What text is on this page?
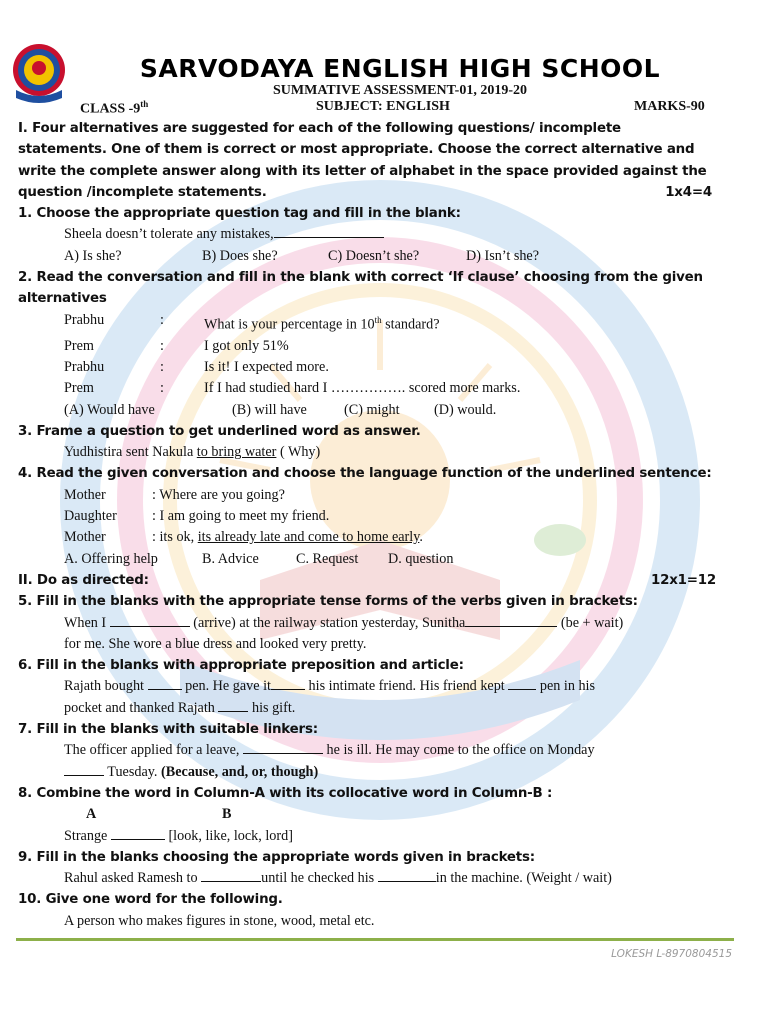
SARVODAYA ENGLISH HIGH SCHOOL
SUMMATIVE ASSESSMENT-01, 2019-20
CLASS -9th	SUBJECT: ENGLISH	MARKS-90

I. Four alternatives are suggested for each of the following questions/ incomplete

statements. One of them is correct or most appropriate. Choose the correct alternative and

write the complete answer along with its letter of alphabet in the space provided against the

question /incomplete statements.	1x4=4

1. Choose the appropriate question tag and fill in the blank:

Sheela doesn’t tolerate any mistakes,

A) Is she?	B) Does she?	C) Doesn’t she?	D) Isn’t she?

2. Read the conversation and fill in the blank with correct ‘If clause’ choosing from the given alternatives

Prabhu	:	What is your percentage in 10th standard?

Prem	:	I got only 51%

Prabhu	:	Is it! I expected more.

Prem	:	If I had studied hard I ……………. scored more marks.

(A) Would have	(B) will have	(C) might (D) would.

3. Frame a question to get underlined word as answer.

Yudhistira sent Nakula to bring water ( Why)

4. Read the given conversation and choose the language function of the underlined sentence:

Mother	: Where are you going?

Daughter	: I am going to meet my friend.

Mother	: its ok, its already late and come to home early.

A. Offering help	B. Advice	C. Request D. question

II. Do as directed:	12x1=12

5. Fill in the blanks with the appropriate tense forms of the verbs given in brackets:

When I	(arrive) at the railway station yesterday, Sunitha	(be + wait)

for me. She wore a blue dress and looked very pretty.

6. Fill in the blanks with appropriate preposition and article:

Rajath bought  pen. He gave it his intimate friend. His friend kept  pen in his

pocket and thanked Rajath  his gift.

7. Fill in the blanks with suitable linkers:

The officer applied for a leave,	he is ill. He may come to the office on Monday

Tuesday. (Because, and, or, though)

8. Combine the word in Column-A with its collocative word in Column-B :

A	B

Strange	[look, like, lock, lord]

9. Fill in the blanks choosing the appropriate words given in brackets:

Rahul asked Ramesh to	until he checked his	in the machine. (Weight / wait)

10. Give one word for the following.

A person who makes figures in stone, wood, metal etc.

LOKESH L-8970804515
